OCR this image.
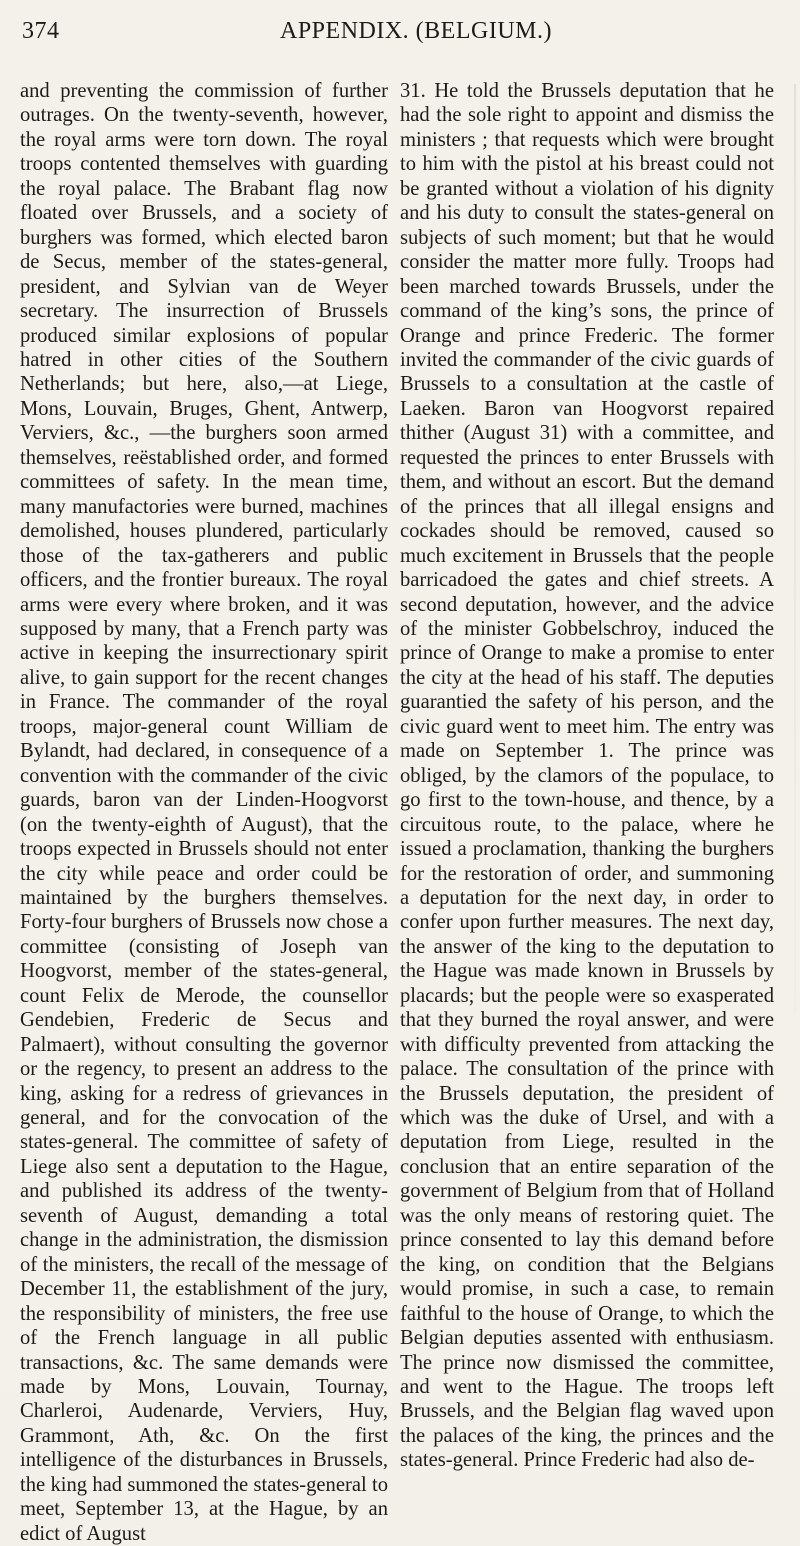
374	APPENDIX. (BELGIUM.)

and preventing the commission of further outrages. On the twenty-seventh, however, the royal arms were torn down. The royal troops contented themselves with guarding the royal palace. The Brabant flag now floated over Brussels, and a society of burghers was formed, which elected baron de Secus, member of the states-general, president, and Sylvian van de Weyer secretary. The insurrection of Brussels produced similar explosions of popular hatred in other cities of the Southern Netherlands; but here, also,—at Liege, Mons, Louvain, Bruges, Ghent, Antwerp, Verviers, &c., —the burghers soon armed themselves, reëstablished order, and formed committees of safety. In the mean time, many manufactories were burned, machines demolished, houses plundered, particularly those of the tax-gatherers and public officers, and the frontier bureaux. The royal arms were every where broken, and it was supposed by many, that a French party was active in keeping the insurrectionary spirit alive, to gain support for the recent changes in France. The commander of the royal troops, major-general count William de Bylandt, had declared, in consequence of a convention with the commander of the civic guards, baron van der Linden-Hoogvorst (on the twenty-eighth of August), that the troops expected in Brussels should not enter the city while peace and order could be maintained by the burghers themselves. Forty-four burghers of Brussels now chose a committee (consisting of Joseph van Hoogvorst, member of the states-general, count Felix de Merode, the counsellor Gendebien, Frederic de Secus and Palmaert), without consulting the governor or the regency, to present an address to the king, asking for a redress of grievances in general, and for the convocation of the states-general. The committee of safety of Liege also sent a deputation to the Hague, and published its address of the twenty-seventh of August, demanding a total change in the administration, the dismission of the ministers, the recall of the message of December 11, the establishment of the jury, the responsibility of ministers, the free use of the French language in all public transactions, &c. The same demands were made by Mons, Louvain, Tournay, Charleroi, Audenarde, Verviers, Huy, Grammont, Ath, &c. On the first intelligence of the disturbances in Brussels, the king had summoned the states-general to meet, September 13, at the Hague, by an edict of August

31. He told the Brussels deputation that he had the sole right to appoint and dismiss the ministers ; that requests which were brought to him with the pistol at his breast could not be granted without a violation of his dignity and his duty to consult the states-general on subjects of such moment; but that he would consider the matter more fully. Troops had been marched towards Brussels, under the command of the king’s sons, the prince of Orange and prince Frederic. The former invited the commander of the civic guards of Brussels to a consultation at the castle of Laeken. Baron van Hoogvorst repaired thither (August 31) with a committee, and requested the princes to enter Brussels with them, and without an escort. But the demand of the princes that all illegal ensigns and cockades should be removed, caused so much excitement in Brussels that the people barricadoed the gates and chief streets. A second deputation, however, and the advice of the minister Gobbelschroy, induced the prince of Orange to make a promise to enter the city at the head of his staff. The deputies guarantied the safety of his person, and the civic guard went to meet him. The entry was made on September 1. The prince was obliged, by the clamors of the populace, to go first to the town-house, and thence, by a circuitous route, to the palace, where he issued a proclamation, thanking the burghers for the restoration of order, and summoning a deputation for the next day, in order to confer upon further measures. The next day, the answer of the king to the deputation to the Hague was made known in Brussels by placards; but the people were so exasperated that they burned the royal answer, and were with difficulty prevented from attacking the palace. The consultation of the prince with the Brussels deputation, the president of which was the duke of Ursel, and with a deputation from Liege, resulted in the conclusion that an entire separation of the government of Belgium from that of Holland was the only means of restoring quiet. The prince consented to lay this demand before the king, on condition that the Belgians would promise, in such a case, to remain faithful to the house of Orange, to which the Belgian deputies assented with enthusiasm. The prince now dismissed the committee, and went to the Hague. The troops left Brussels, and the Belgian flag waved upon the palaces of the king, the princes and the states-general. Prince Frederic had also de-
